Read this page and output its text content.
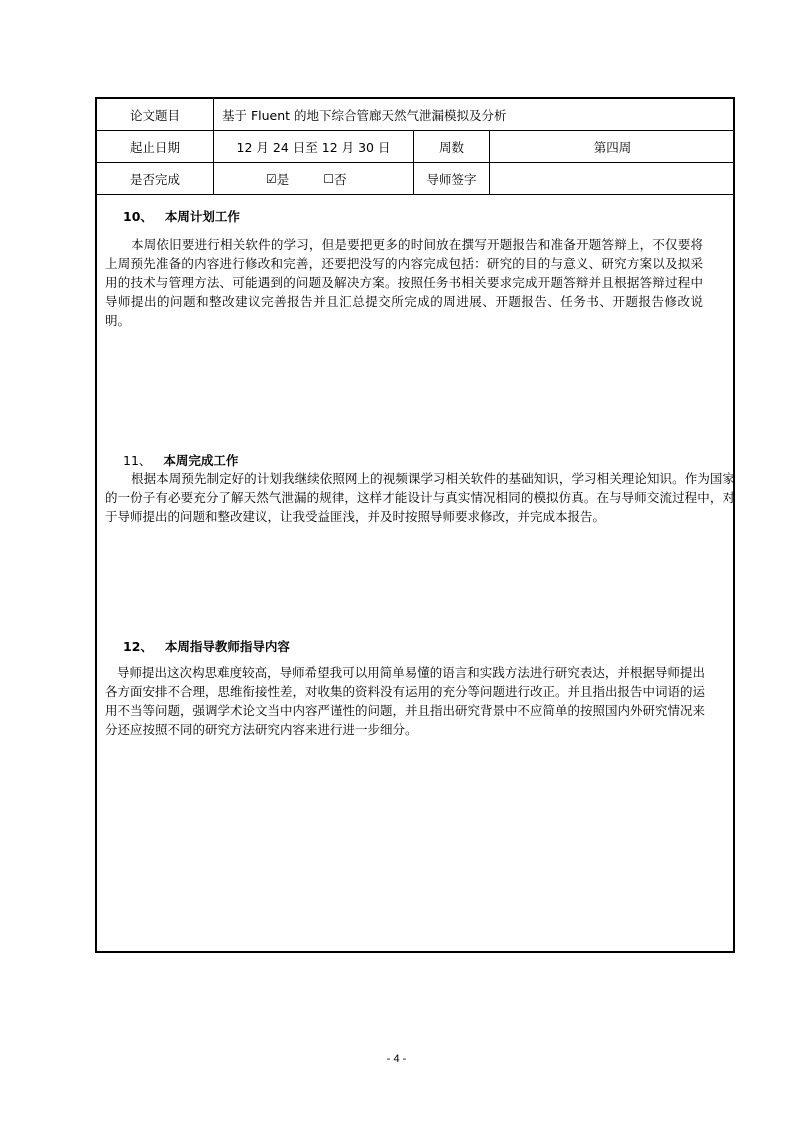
论文题目	基于 Fluent 的地下综合管廊天然气泄漏模拟及分析
起止日期	12 月 24 日至 12 月 30 日	周数	第四周
是否完成	☑ 是	☐ 否	导师签字
10、 本周计划工作

本周依旧要进行相关软件的学习，但是要把更多的时间放在撰写开题报告和准备开题答辩上，不仅要将上周预先准备的内容进行修改和完善，还要把没写的内容完成包括：研究的目的与意义、研究方案以及拟采用的技术与管理方法、可能遇到的问题及解决方案。按照任务书相关要求完成开题答辩并且根据答辩过程中导师提出的问题和整改建议完善报告并且汇总提交所完成的周进展、开题报告、任务书、开题报告修改说明。

11、 本周完成工作

根据本周预先制定好的计划我继续依照网上的视频课学习相关软件的基础知识，学习相关理论知识。作为国家的一份子有必要充分了解天然气泄漏的规律，这样才能设计与真实情况相同的模拟仿真。在与导师交流过程中，对于导师提出的问题和整改建议，让我受益匪浅，并及时按照导师要求修改，并完成本报告。

12、 本周指导教师指导内容

导师提出这次构思难度较高，导师希望我可以用简单易懂的语言和实践方法进行研究表达，并根据导师提出各方面安排不合理，思维衔接性差，对收集的资料没有运用的充分等问题进行改正。并且指出报告中词语的运用不当等问题，强调学术论文当中内容严谨性的问题，并且指出研究背景中不应简单的按照国内外研究情况来分还应按照不同的研究方法研究内容来进行进一步细分。

- 4 -
